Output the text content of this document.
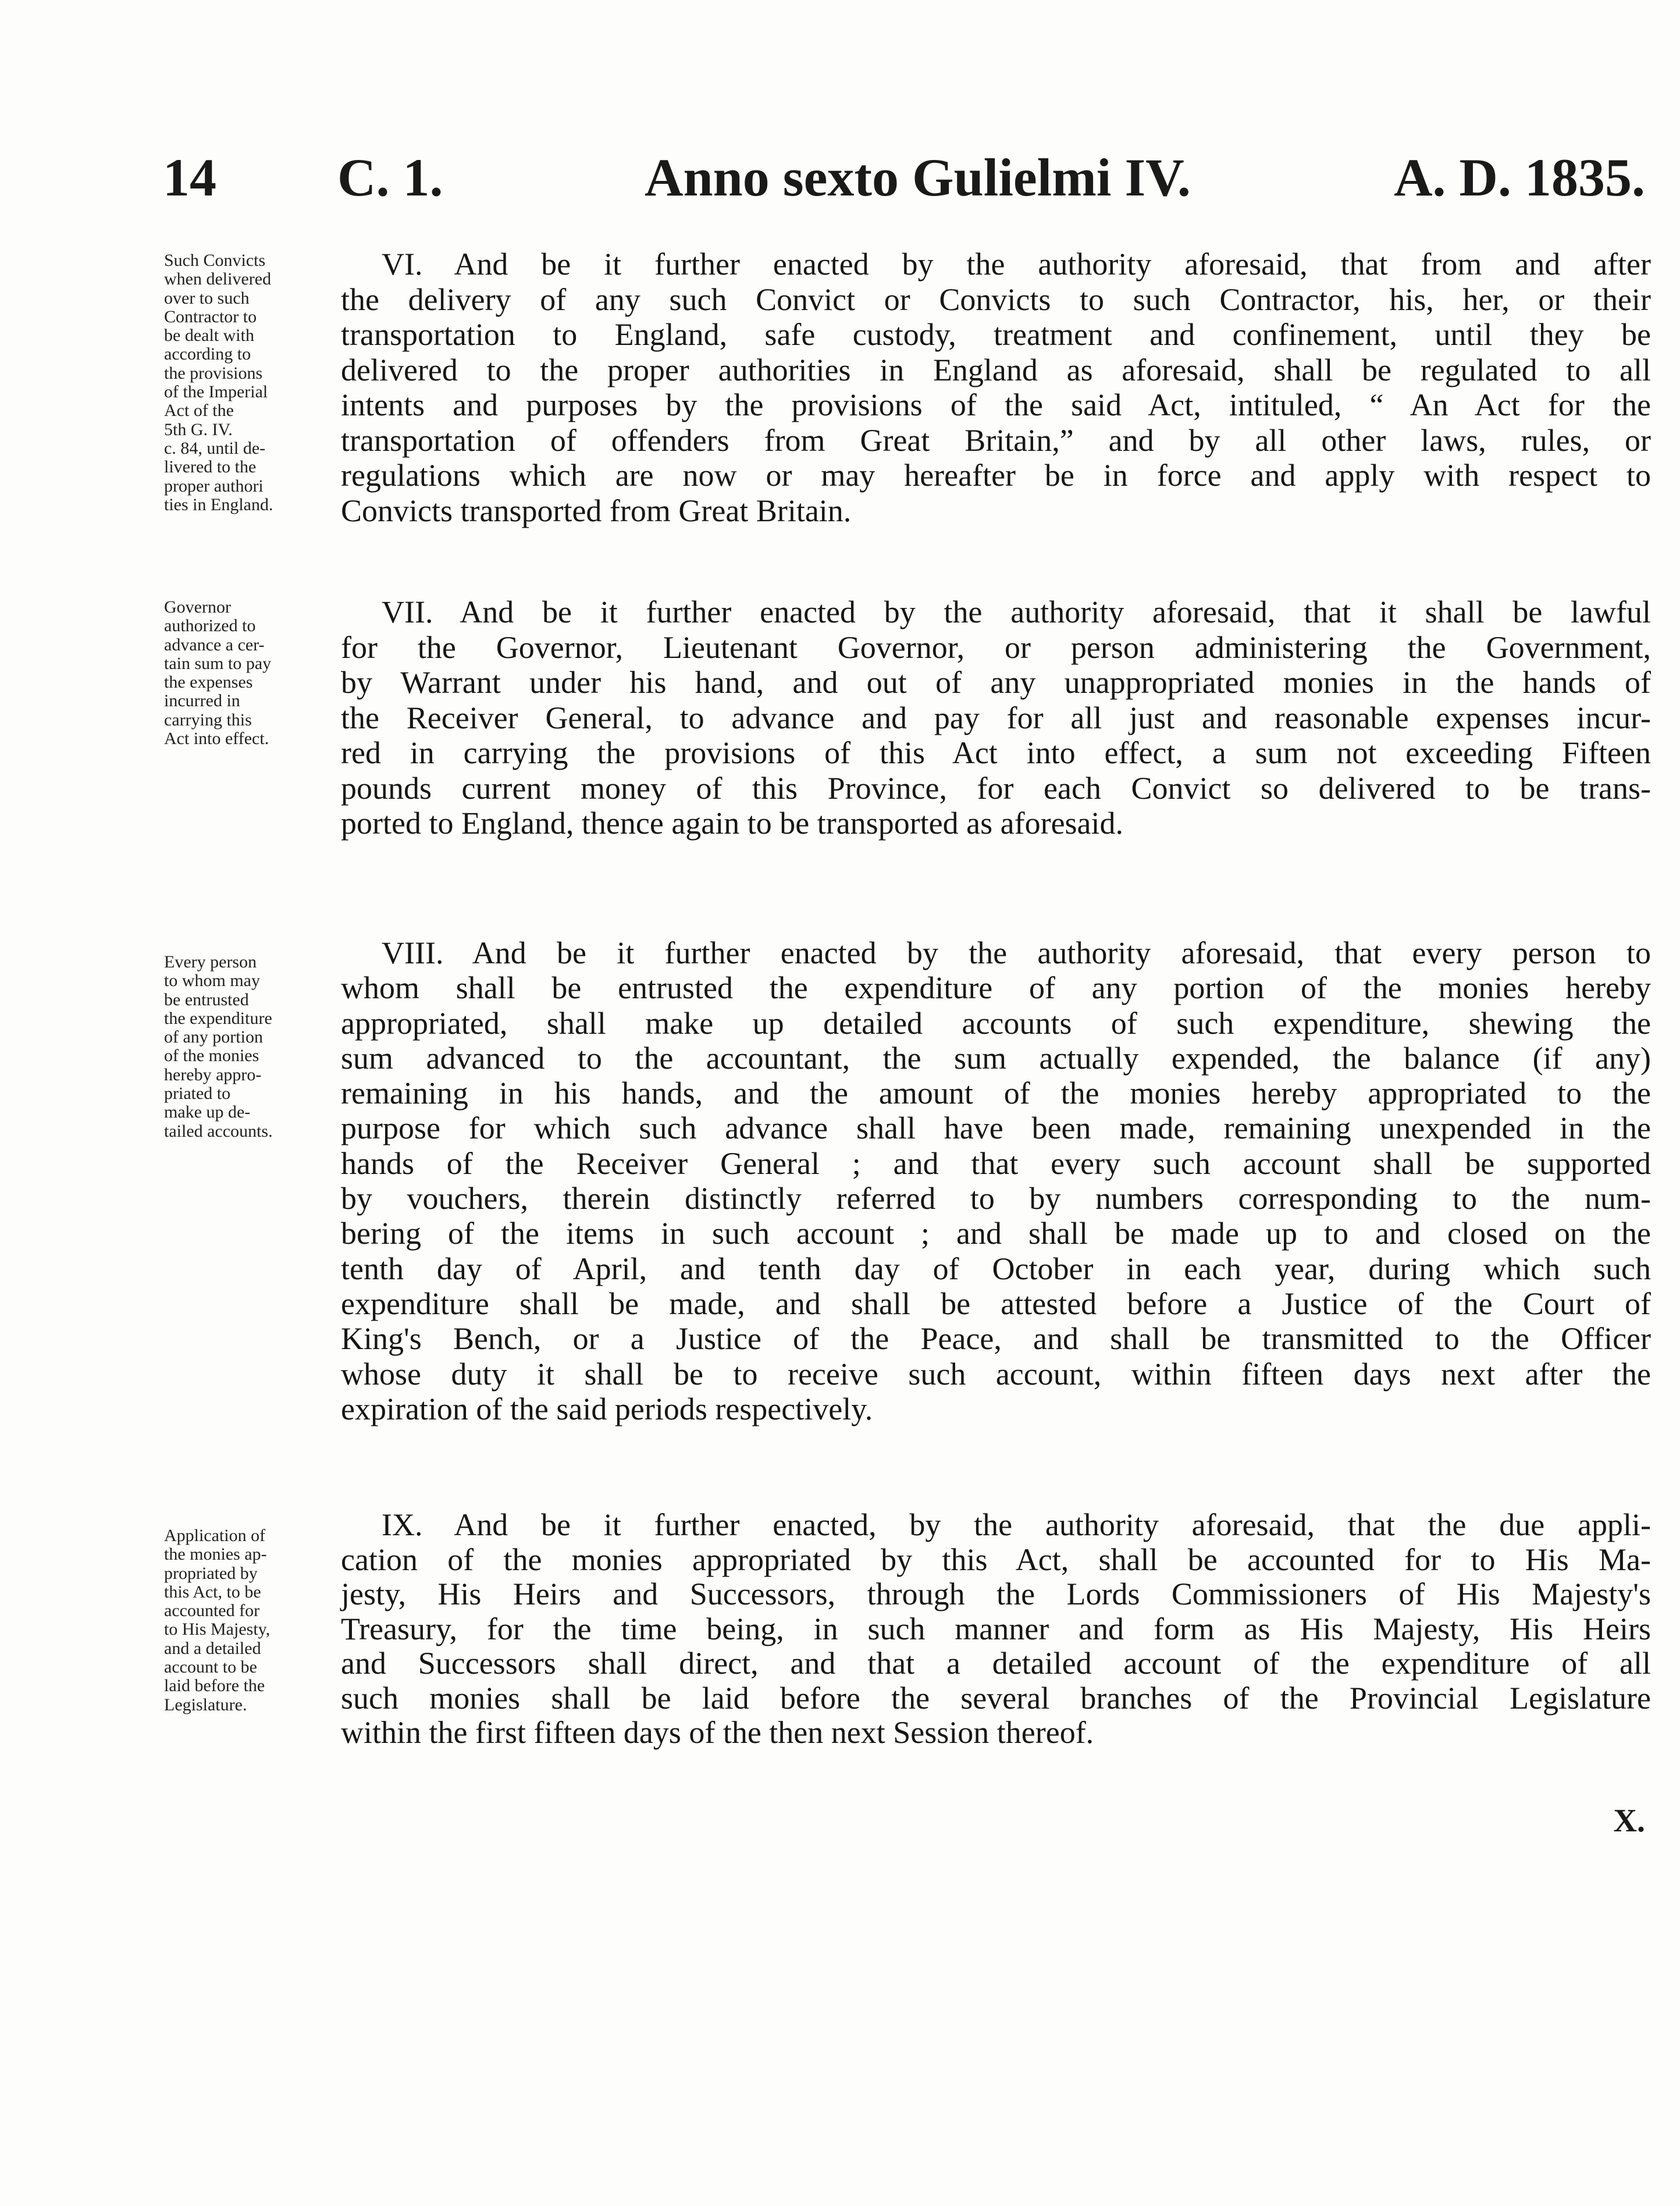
14 C. 1.	Anno sexto Gulielmi IV.	A. D. 1835.
Such Convicts
when delivered
over to such
Contractor to
be dealt with
according to
the provisions
of the Imperial
Act of the
5th G. IV.
c. 84, until de-
livered to the
proper authori
ties in England.
VI. And be it further enacted by the authority aforesaid, that from and after
the delivery of any such Convict or Convicts to such Contractor, his, her, or their
transportation to England, safe custody, treatment and confinement, until they be
delivered to the proper authorities in England as aforesaid, shall be regulated to all
intents and purposes by the provisions of the said Act, intituled, “ An Act for the
transportation of offenders from Great Britain,” and by all other laws, rules, or
regulations which are now or may hereafter be in force and apply with respect to
Convicts transported from Great Britain.
Governor
authorized to
advance a cer-
tain sum to pay
the expenses
incurred in
carrying this
Act into effect.
VII. And be it further enacted by the authority aforesaid, that it shall be lawful
for the Governor, Lieutenant Governor, or person administering the Government,
by Warrant under his hand, and out of any unappropriated monies in the hands of
the Receiver General, to advance and pay for all just and reasonable expenses incur-
red in carrying the provisions of this Act into effect, a sum not exceeding Fifteen
pounds current money of this Province, for each Convict so delivered to be trans-
ported to England, thence again to be transported as aforesaid.
Every person
to whom may
be entrusted
the expenditure
of any portion
of the monies
hereby appro-
priated to
make up de-
tailed accounts.
VIII. And be it further enacted by the authority aforesaid, that every person to
whom shall be entrusted the expenditure of any portion of the monies hereby
appropriated, shall make up detailed accounts of such expenditure, shewing the
sum advanced to the accountant, the sum actually expended, the balance (if any)
remaining in his hands, and the amount of the monies hereby appropriated to the
purpose for which such advance shall have been made, remaining unexpended in the
hands of the Receiver General ; and that every such account shall be supported
by vouchers, therein distinctly referred to by numbers corresponding to the num-
bering of the items in such account ; and shall be made up to and closed on the
tenth day of April, and tenth day of October in each year, during which such
expenditure shall be made, and shall be attested before a Justice of the Court of
King's Bench, or a Justice of the Peace, and shall be transmitted to the Officer
whose duty it shall be to receive such account, within fifteen days next after the
expiration of the said periods respectively.
Application of
the monies ap-
propriated by
this Act, to be
accounted for
to His Majesty,
and a detailed
account to be
laid before the
Legislature.
IX. And be it further enacted, by the authority aforesaid, that the due appli-
cation of the monies appropriated by this Act, shall be accounted for to His Ma-
jesty, His Heirs and Successors, through the Lords Commissioners of His Majesty's
Treasury, for the time being, in such manner and form as His Majesty, His Heirs
and Successors shall direct, and that a detailed account of the expenditure of all
such monies shall be laid before the several branches of the Provincial Legislature
within the first fifteen days of the then next Session thereof.
X.
